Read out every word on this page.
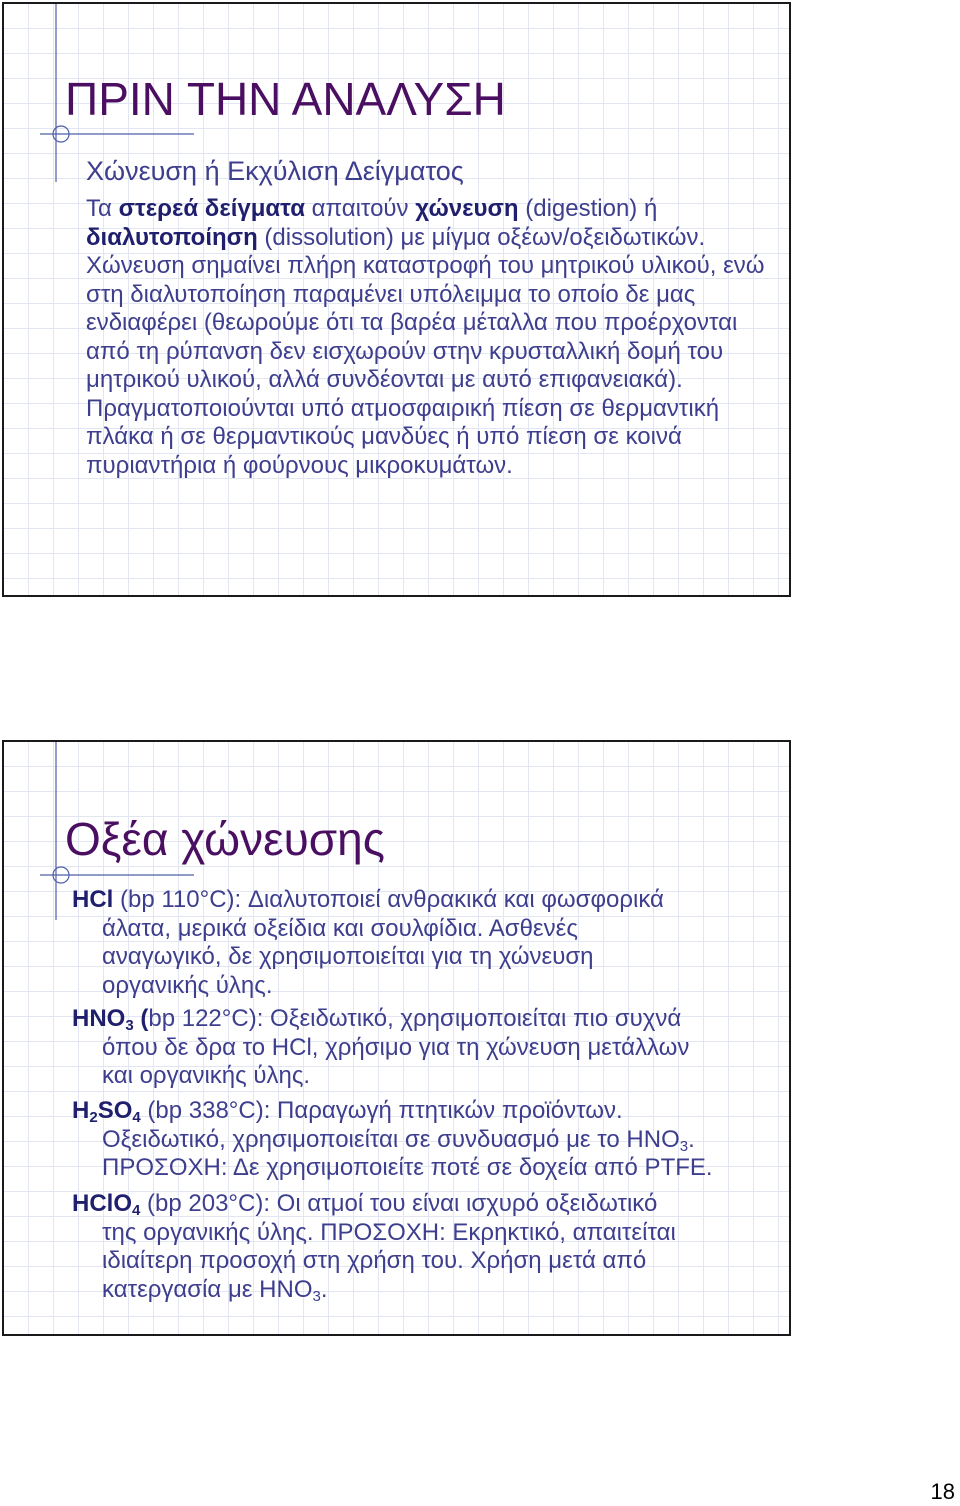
ΠΡΙΝ ΤΗΝ ΑΝΑΛΥΣΗ
Χώνευση ή Εκχύλιση Δείγματος
Τα στερεά δείγματα απαιτούν χώνευση (digestion) ή διαλυτοποίηση (dissolution) με μίγμα οξέων/οξειδωτικών. Χώνευση σημαίνει πλήρη καταστροφή του μητρικού υλικού, ενώ στη διαλυτοποίηση παραμένει υπόλειμμα το οποίο δε μας ενδιαφέρει (θεωρούμε ότι τα βαρέα μέταλλα που προέρχονται από τη ρύπανση δεν εισχωρούν στην κρυσταλλική δομή του μητρικού υλικού, αλλά συνδέονται με αυτό επιφανειακά). Πραγματοποιούνται υπό ατμοσφαιρική πίεση σε θερμαντική πλάκα ή σε θερμαντικούς μανδύες ή υπό πίεση σε κοινά πυριαντήρια ή φούρνους μικροκυμάτων.
Οξέα χώνευσης
HCl (bp 110°C): Διαλυτοποιεί ανθρακικά και φωσφορικά
άλατα, μερικά οξείδια και σουλφίδια. Ασθενές
αναγωγικό, δε χρησιμοποιείται για τη χώνευση
οργανικής ύλης.
$HNO_3$ (bp 122°C): Οξειδωτικό, χρησιμοποιείται πιο συχνά
όπου δε δρα το HCl, χρήσιμο για τη χώνευση μετάλλων
και οργανικής ύλης.
$H_2SO_4$ (bp 338°C): Παραγωγή πτητικών προϊόντων.
Οξειδωτικό, χρησιμοποιείται σε συνδυασμό με το $HNO_3$.
ΠΡΟΣΟΧΗ: Δε χρησιμοποιείτε ποτέ σε δοχεία από PTFE.
HClO$_4$ (bp 203°C): Οι ατμοί του είναι ισχυρό οξειδωτικό
της οργανικής ύλης. ΠΡΟΣΟΧΗ: Εκρηκτικό, απαιτείται
ιδιαίτερη προσοχή στη χρήση του. Χρήση μετά από
κατεργασία με $HNO_3$.
18
